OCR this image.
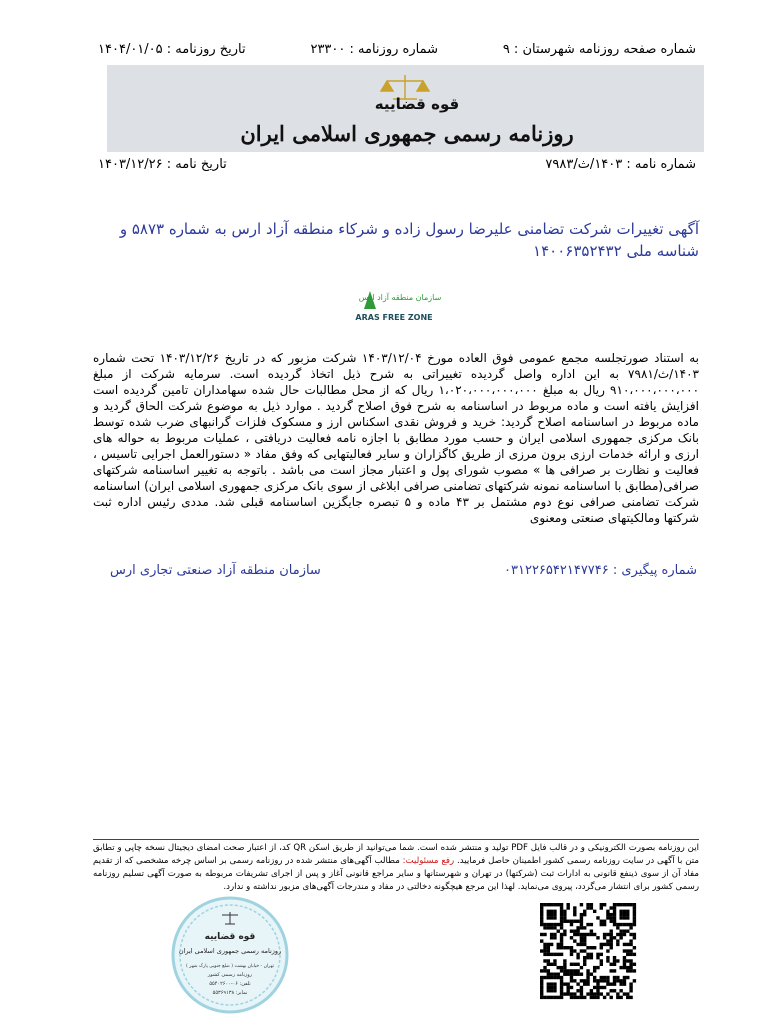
شماره صفحه روزنامه شهرستان : ۹
شماره روزنامه : ۲۳۳۰۰
تاریخ روزنامه : ۱۴۰۴/۰۱/۰۵
قوه قضاییه
روزنامه رسمی جمهوری اسلامی ایران
شماره نامه : ۱۴۰۳/ث/۷۹۸۳
تاریخ نامه : ۱۴۰۳/۱۲/۲۶
آگهی تغییرات شرکت تضامنی علیرضا رسول زاده و شرکاء منطقه آزاد ارس به شماره ۵۸۷۳ و شناسه ملی ۱۴۰۰۶۳۵۲۴۳۲
سازمان منطقه آزاد ارس
ARAS FREE ZONE

به استناد صورتجلسه مجمع عمومی فوق العاده مورخ ۱۴۰۳/۱۲/۰۴ شرکت مزبور که در تاریخ ۱۴۰۳/۱۲/۲۶ تحت شماره ۱۴۰۳/ث/۷۹۸۱ به این اداره واصل گردیده تغییراتی به شرح ذیل اتخاذ گردیده است. سرمایه شرکت از مبلغ ۹۱۰،۰۰۰،۰۰۰،۰۰۰ ریال به مبلغ ۱،۰۲۰،۰۰۰،۰۰۰،۰۰۰ ریال که از محل مطالبات حال شده سهامداران تامین گردیده است افزایش یافته است و ماده مربوط در اساسنامه به شرح فوق اصلاح گردید . موارد ذیل به موضوع شرکت الحاق گردید و ماده مربوط در اساسنامه اصلاح گردید: خرید و فروش نقدی اسکناس ارز و مسکوک فلزات گرانبهای ضرب شده توسط بانک مرکزی جمهوری اسلامی ایران و حسب مورد مطابق با اجازه نامه فعالیت دریافتی ، عملیات مربوط به حواله های ارزی و ارائه خدمات ارزی برون مرزی از طریق کاگزاران و سایر فعالیتهایی که وفق مفاد « دستورالعمل اجرایی تاسیس ، فعالیت و نظارت بر صرافی ها » مصوب شورای پول و اعتبار مجاز است می باشد . باتوجه به تغییر اساسنامه شرکتهای صرافی(مطابق با اساسنامه نمونه شرکتهای تضامنی صرافی ابلاغی از سوی بانک مرکزی جمهوری اسلامی ایران) اساسنامه شرکت تضامنی صرافی نوع دوم مشتمل بر ۴۳ ماده و ۵ تبصره جایگزین اساسنامه قبلی شد. مددی رئیس اداره ثبت شرکتها ومالکیتهای صنعتی ومعنوی

شماره پیگیری : ۰۳۱۲۲۶۵۴۲۱۴۷۷۴۶
سازمان منطقه آزاد صنعتی تجاری ارس
این روزنامه بصورت الکترونیکی و در قالب فایل PDF تولید و منتشر شده است. شما می‌توانید از طریق اسکن QR کد، از اعتبار صحت امضای دیجیتال نسخه چاپی و تطابق متن با آگهی در سایت روزنامه رسمی کشور اطمینان حاصل فرمایید. رفع مسئولیت: مطالب آگهی‌های منتشر شده در روزنامه رسمی بر اساس چرخه مشخصی که از تقدیم مفاد آن از سوی ذینفع قانونی به ادارات ثبت (شرکتها) در تهران و شهرستانها و سایر مراجع قانونی آغاز و پس از اجرای تشریفات مربوطه به صورت آگهی تسلیم روزنامه رسمی کشور برای انتشار می‌گردد، پیروی می‌نماید. لهذا این مرجع هیچگونه دخالتی در مفاد و مندرجات آگهی‌های مزبور نداشته و ندارد.
قوه قضاییه
روزنامه رسمی جمهوری اسلامی ایران
تهران - خیابان بهشت ( ضلع جنوبی پارک شهر )
روزنامه رسمی کشور
تلفن: ۰۶-۵۵۴۰۲۶۰۰
نمابر: ۵۵۳۶۹۱۳۸
